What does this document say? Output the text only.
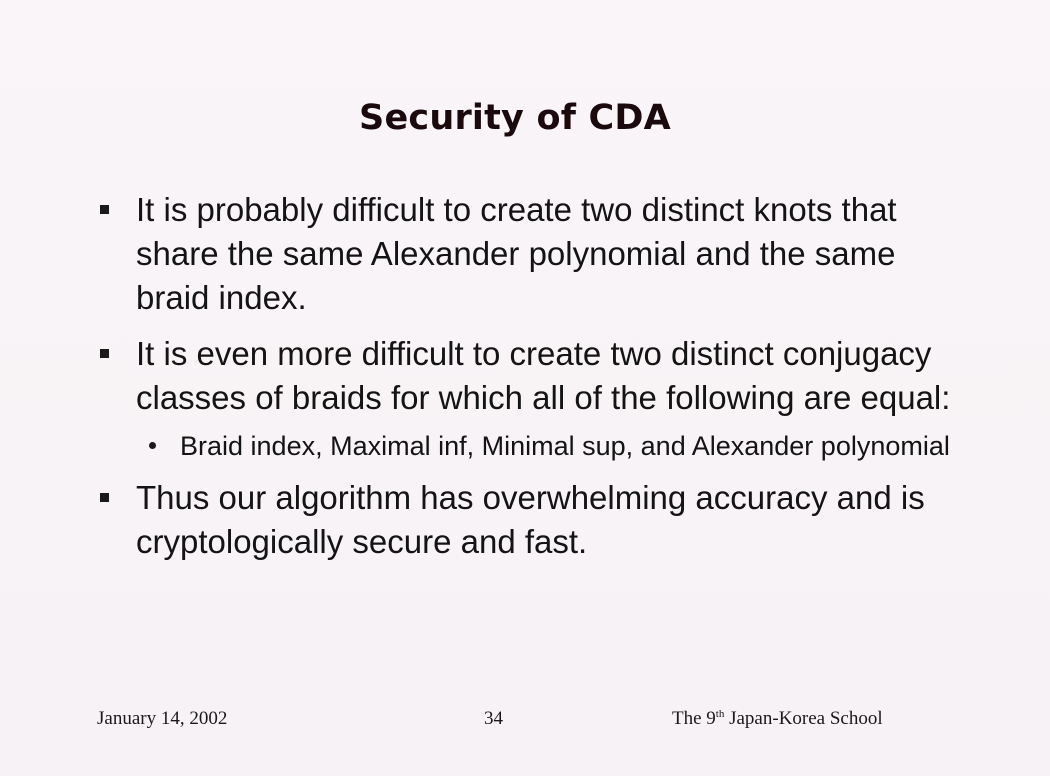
Security of CDA
It is probably difficult to create two distinct knots that share the same Alexander polynomial and the same braid index.
It is even more difficult to create two distinct conjugacy classes of braids for which all of the following are equal:
Braid index, Maximal inf, Minimal sup, and Alexander polynomial
Thus our algorithm has overwhelming accuracy and is cryptologically secure and fast.
January 14, 2002	34	The 9th Japan-Korea School
